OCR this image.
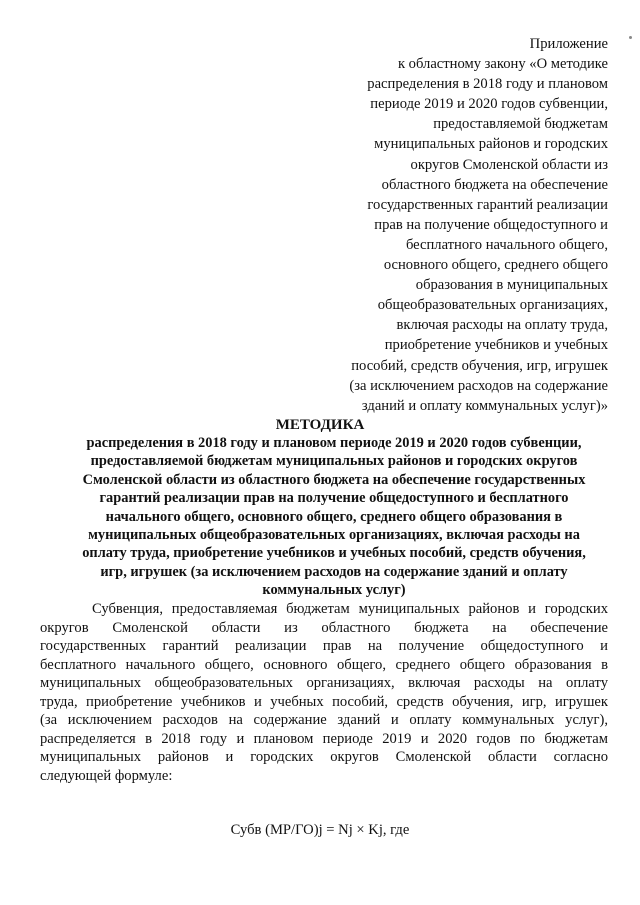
Приложение
к областному закону «О методике
распределения в 2018 году и плановом
периоде 2019 и 2020 годов субвенции,
предоставляемой бюджетам
муниципальных районов и городских
округов Смоленской области из
областного бюджета на обеспечение
государственных гарантий реализации
прав на получение общедоступного и
бесплатного начального общего,
основного общего, среднего общего
образования в муниципальных
общеобразовательных организациях,
включая расходы на оплату труда,
приобретение учебников и учебных
пособий, средств обучения, игр, игрушек
(за исключением расходов на содержание
зданий и оплату коммунальных услуг)»
МЕТОДИКА
распределения в 2018 году и плановом периоде 2019 и 2020 годов субвенции,
предоставляемой бюджетам муниципальных районов и городских округов
Смоленской области из областного бюджета на обеспечение государственных
гарантий реализации прав на получение общедоступного и бесплатного
начального общего, основного общего, среднего общего образования в
муниципальных общеобразовательных организациях, включая расходы на
оплату труда, приобретение учебников и учебных пособий, средств обучения,
игр, игрушек (за исключением расходов на содержание зданий и оплату
коммунальных услуг)
Субвенция, предоставляемая бюджетам муниципальных районов и городских
округов Смоленской области из областного бюджета на обеспечение
государственных гарантий реализации прав на получение общедоступного и
бесплатного начального общего, основного общего, среднего общего образования в
муниципальных общеобразовательных организациях, включая расходы на оплату
труда, приобретение учебников и учебных пособий, средств обучения, игр, игрушек
(за исключением расходов на содержание зданий и оплату коммунальных услуг),
распределяется в 2018 году и плановом периоде 2019 и 2020 годов по бюджетам
муниципальных районов и городских округов Смоленской области согласно
следующей формуле:
Субв (МР/ГО)j = Nj × Kj, где
